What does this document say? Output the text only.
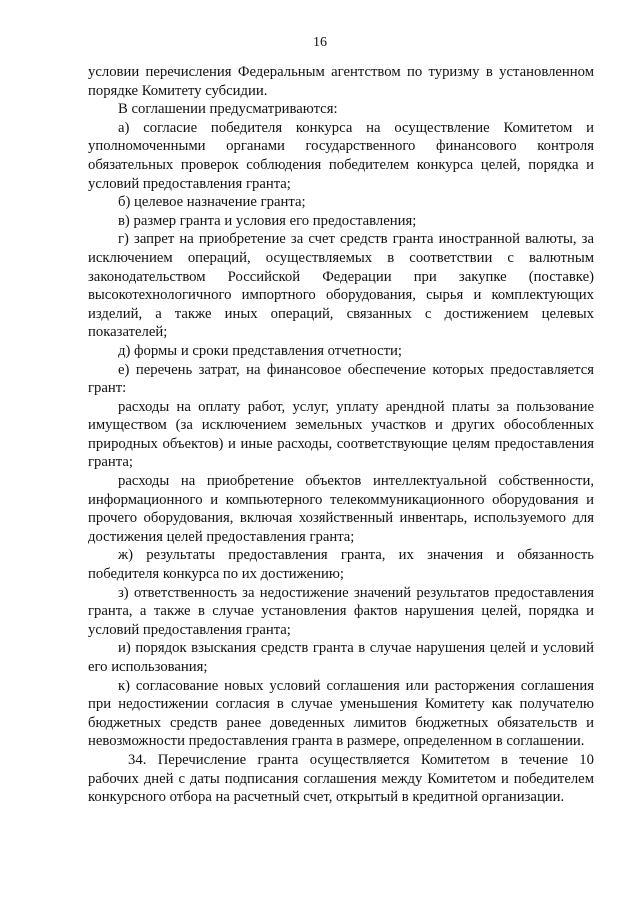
16

условии перечисления Федеральным агентством по туризму в установленном порядке Комитету субсидии.

В соглашении предусматриваются:

а) согласие победителя конкурса на осуществление Комитетом и уполномоченными органами государственного финансового контроля обязательных проверок соблюдения победителем конкурса целей, порядка и условий предоставления гранта;

б) целевое назначение гранта;

в) размер гранта и условия его предоставления;

г) запрет на приобретение за счет средств гранта иностранной валюты, за исключением операций, осуществляемых в соответствии с валютным законодательством Российской Федерации при закупке (поставке) высокотехнологичного импортного оборудования, сырья и комплектующих изделий, а также иных операций, связанных с достижением целевых показателей;

д) формы и сроки представления отчетности;

е) перечень затрат, на финансовое обеспечение которых предоставляется грант:

расходы на оплату работ, услуг, уплату арендной платы за пользование имуществом (за исключением земельных участков и других обособленных природных объектов) и иные расходы, соответствующие целям предоставления гранта;

расходы на приобретение объектов интеллектуальной собственности, информационного и компьютерного телекоммуникационного оборудования и прочего оборудования, включая хозяйственный инвентарь, используемого для достижения целей предоставления гранта;

ж) результаты предоставления гранта, их значения и обязанность победителя конкурса по их достижению;

з) ответственность за недостижение значений результатов предоставления гранта, а также в случае установления фактов нарушения целей, порядка и условий предоставления гранта;

и) порядок взыскания средств гранта в случае нарушения целей и условий его использования;

к) согласование новых условий соглашения или расторжения соглашения при недостижении согласия в случае уменьшения Комитету как получателю бюджетных средств ранее доведенных лимитов бюджетных обязательств и невозможности предоставления гранта в размере, определенном в соглашении.

34. Перечисление гранта осуществляется Комитетом в течение 10 рабочих дней с даты подписания соглашения между Комитетом и победителем конкурсного отбора на расчетный счет, открытый в кредитной организации.
